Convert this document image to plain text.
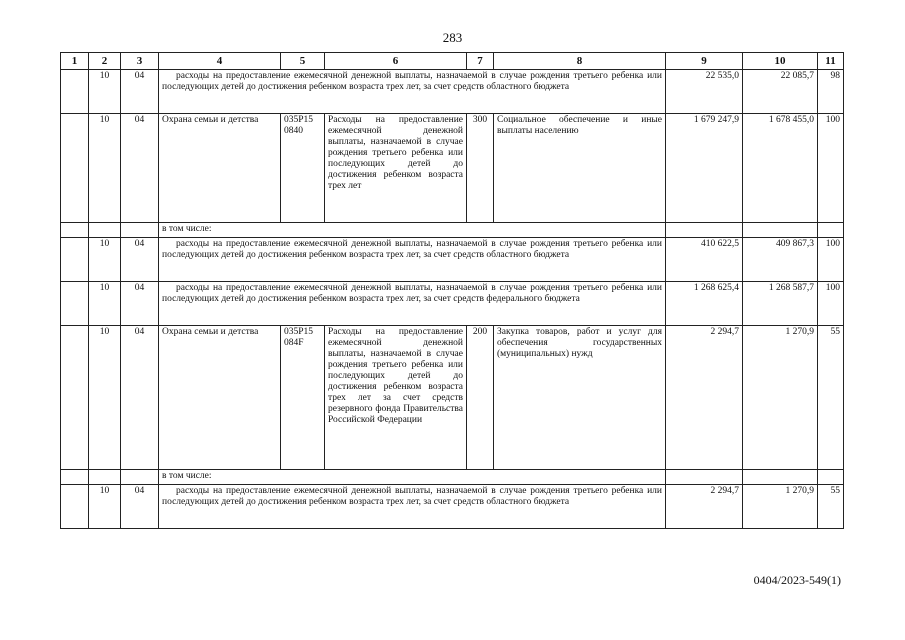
283
1	2	3	4	5	6	7	8	9	10	11
	10	04	расходы на предоставление ежемесячной денежной выплаты, назначаемой в случае рождения третьего ребенка или последующих детей до достижения ребенком возраста трех лет, за счет средств областного бюджета					22 535,0	22 085,7	98
	10	04	Охрана семьи и детства	035Р15 0840	Расходы на предоставление ежемесячной денежной выплаты, назначаемой в случае рождения третьего ребенка или последующих детей до достижения ребенком возраста трех лет	300	Социальное обеспечение и иные выплаты населению	1 679 247,9	1 678 455,0	100
			в том числе:							
	10	04	расходы на предоставление ежемесячной денежной выплаты, назначаемой в случае рождения третьего ребенка или последующих детей до достижения ребенком возраста трех лет, за счет средств областного бюджета					410 622,5	409 867,3	100
	10	04	расходы на предоставление ежемесячной денежной выплаты, назначаемой в случае рождения третьего ребенка или последующих детей до достижения ребенком возраста трех лет, за счет средств федерального бюджета					1 268 625,4	1 268 587,7	100
	10	04	Охрана семьи и детства	035Р15 084F	Расходы на предоставление ежемесячной денежной выплаты, назначаемой в случае рождения третьего ребенка или последующих детей до достижения ребенком возраста трех лет за счет средств резервного фонда Правительства Российской Федерации	200	Закупка товаров, работ и услуг для обеспечения государственных (муниципальных) нужд	2 294,7	1 270,9	55
			в том числе:							
	10	04	расходы на предоставление ежемесячной денежной выплаты, назначаемой в случае рождения третьего ребенка или последующих детей до достижения ребенком возраста трех лет, за счет средств областного бюджета					2 294,7	1 270,9	55
0404/2023-549(1)
